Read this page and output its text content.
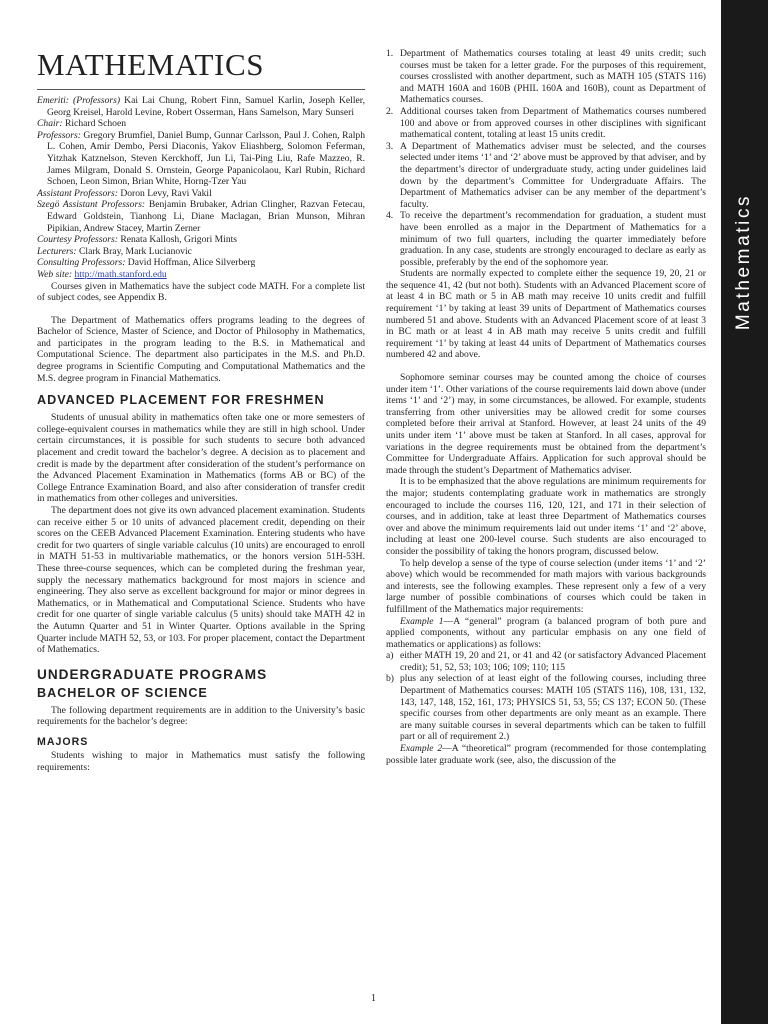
Mathematics
MATHEMATICS

Emeriti: (Professors) Kai Lai Chung, Robert Finn, Samuel Karlin, Joseph Keller, Georg Kreisel, Harold Levine, Robert Osserman, Hans Samelson, Mary Sunseri

Chair: Richard Schoen

Professors: Gregory Brumfiel, Daniel Bump, Gunnar Carlsson, Paul J. Cohen, Ralph L. Cohen, Amir Dembo, Persi Diaconis, Yakov Eliashberg, Solomon Feferman, Yitzhak Katznelson, Steven Kerckhoff, Jun Li, Tai-Ping Liu, Rafe Mazzeo, R. James Milgram, Donald S. Ornstein, George Papanicolaou, Karl Rubin, Richard Schoen, Leon Simon, Brian White, Horng-Tzer Yau

Assistant Professors: Doron Levy, Ravi Vakil

Szegö Assistant Professors: Benjamin Brubaker, Adrian Clingher, Razvan Fetecau, Edward Goldstein, Tianhong Li, Diane Maclagan, Brian Munson, Mihran Pipikian, Andrew Stacey, Martin Zerner

Courtesy Professors: Renata Kallosh, Grigori Mints

Lecturers: Clark Bray, Mark Lucianovic

Consulting Professors: David Hoffman, Alice Silverberg

Web site: http://math.stanford.edu

Courses given in Mathematics have the subject code MATH. For a complete list of subject codes, see Appendix B.

The Department of Mathematics offers programs leading to the degrees of Bachelor of Science, Master of Science, and Doctor of Philosophy in Mathematics, and participates in the program leading to the B.S. in Mathematical and Computational Science. The department also participates in the M.S. and Ph.D. degree programs in Scientific Computing and Computational Mathematics and the M.S. degree program in Financial Mathematics.

ADVANCED PLACEMENT FOR FRESHMEN

Students of unusual ability in mathematics often take one or more semesters of college-equivalent courses in mathematics while they are still in high school. Under certain circumstances, it is possible for such students to secure both advanced placement and credit toward the bachelor’s degree. A decision as to placement and credit is made by the department after consideration of the student’s performance on the Advanced Placement Examination in Mathematics (forms AB or BC) of the College Entrance Examination Board, and also after consideration of transfer credit in mathematics from other colleges and universities.

The department does not give its own advanced placement examination. Students can receive either 5 or 10 units of advanced placement credit, depending on their scores on the CEEB Advanced Placement Examination. Entering students who have credit for two quarters of single variable calculus (10 units) are encouraged to enroll in MATH 51-53 in multivariable mathematics, or the honors version 51H-53H. These three-course sequences, which can be completed during the freshman year, supply the necessary mathematics background for most majors in science and engineering. They also serve as excellent background for major or minor degrees in Mathematics, or in Mathematical and Computational Science. Students who have credit for one quarter of single variable calculus (5 units) should take MATH 42 in the Autumn Quarter and 51 in Winter Quarter. Options available in the Spring Quarter include MATH 52, 53, or 103. For proper placement, contact the Department of Mathematics.

UNDERGRADUATE PROGRAMS
BACHELOR OF SCIENCE

The following department requirements are in addition to the University’s basic requirements for the bachelor’s degree:

MAJORS

Students wishing to major in Mathematics must satisfy the following requirements:

1. Department of Mathematics courses totaling at least 49 units credit; such courses must be taken for a letter grade. For the purposes of this requirement, courses crosslisted with another department, such as MATH 105 (STATS 116) and MATH 160A and 160B (PHIL 160A and 160B), count as Department of Mathematics courses.
2. Additional courses taken from Department of Mathematics courses numbered 100 and above or from approved courses in other disciplines with significant mathematical content, totaling at least 15 units credit.
3. A Department of Mathematics adviser must be selected, and the courses selected under items ‘1’ and ‘2’ above must be approved by that adviser, and by the department’s director of undergraduate study, acting under guidelines laid down by the department’s Committee for Undergraduate Affairs. The Department of Mathematics adviser can be any member of the department’s faculty.
4. To receive the department’s recommendation for graduation, a student must have been enrolled as a major in the Department of Mathematics for a minimum of two full quarters, including the quarter immediately before graduation. In any case, students are strongly encouraged to declare as early as possible, preferably by the end of the sophomore year.

Students are normally expected to complete either the sequence 19, 20, 21 or the sequence 41, 42 (but not both). Students with an Advanced Placement score of at least 4 in BC math or 5 in AB math may receive 10 units credit and fulfill requirement ‘1’ by taking at least 39 units of Department of Mathematics courses numbered 51 and above. Students with an Advanced Placement score of at least 3 in BC math or at least 4 in AB math may receive 5 units credit and fulfill requirement ‘1’ by taking at least 44 units of Department of Mathematics courses numbered 42 and above.

Sophomore seminar courses may be counted among the choice of courses under item ‘1’. Other variations of the course requirements laid down above (under items ‘1’ and ‘2’) may, in some circumstances, be allowed. For example, students transferring from other universities may be allowed credit for some courses completed before their arrival at Stanford. However, at least 24 units of the 49 units under item ‘1’ above must be taken at Stanford. In all cases, approval for variations in the degree requirements must be obtained from the department’s Committee for Undergraduate Affairs. Application for such approval should be made through the student’s Department of Mathematics adviser.

It is to be emphasized that the above regulations are minimum requirements for the major; students contemplating graduate work in mathematics are strongly encouraged to include the courses 116, 120, 121, and 171 in their selection of courses, and in addition, take at least three Department of Mathematics courses over and above the minimum requirements laid out under items ‘1’ and ‘2’ above, including at least one 200-level course. Such students are also encouraged to consider the possibility of taking the honors program, discussed below.

To help develop a sense of the type of course selection (under items ‘1’ and ‘2’ above) which would be recommended for math majors with various backgrounds and interests, see the following examples. These represent only a few of a very large number of possible combinations of courses which could be taken in fulfillment of the Mathematics major requirements:

Example 1—A “general” program (a balanced program of both pure and applied components, without any particular emphasis on any one field of mathematics or applications) as follows:

a) either MATH 19, 20 and 21, or 41 and 42 (or satisfactory Advanced Placement credit); 51, 52, 53; 103; 106; 109; 110; 115
b) plus any selection of at least eight of the following courses, including three Department of Mathematics courses: MATH 105 (STATS 116), 108, 131, 132, 143, 147, 148, 152, 161, 173; PHYSICS 51, 53, 55; CS 137; ECON 50. (These specific courses from other departments are only meant as an example. There are many suitable courses in several departments which can be taken to fulfill part or all of requirement 2.)

Example 2—A “theoretical” program (recommended for those contemplating possible later graduate work (see, also, the discussion of the

1
